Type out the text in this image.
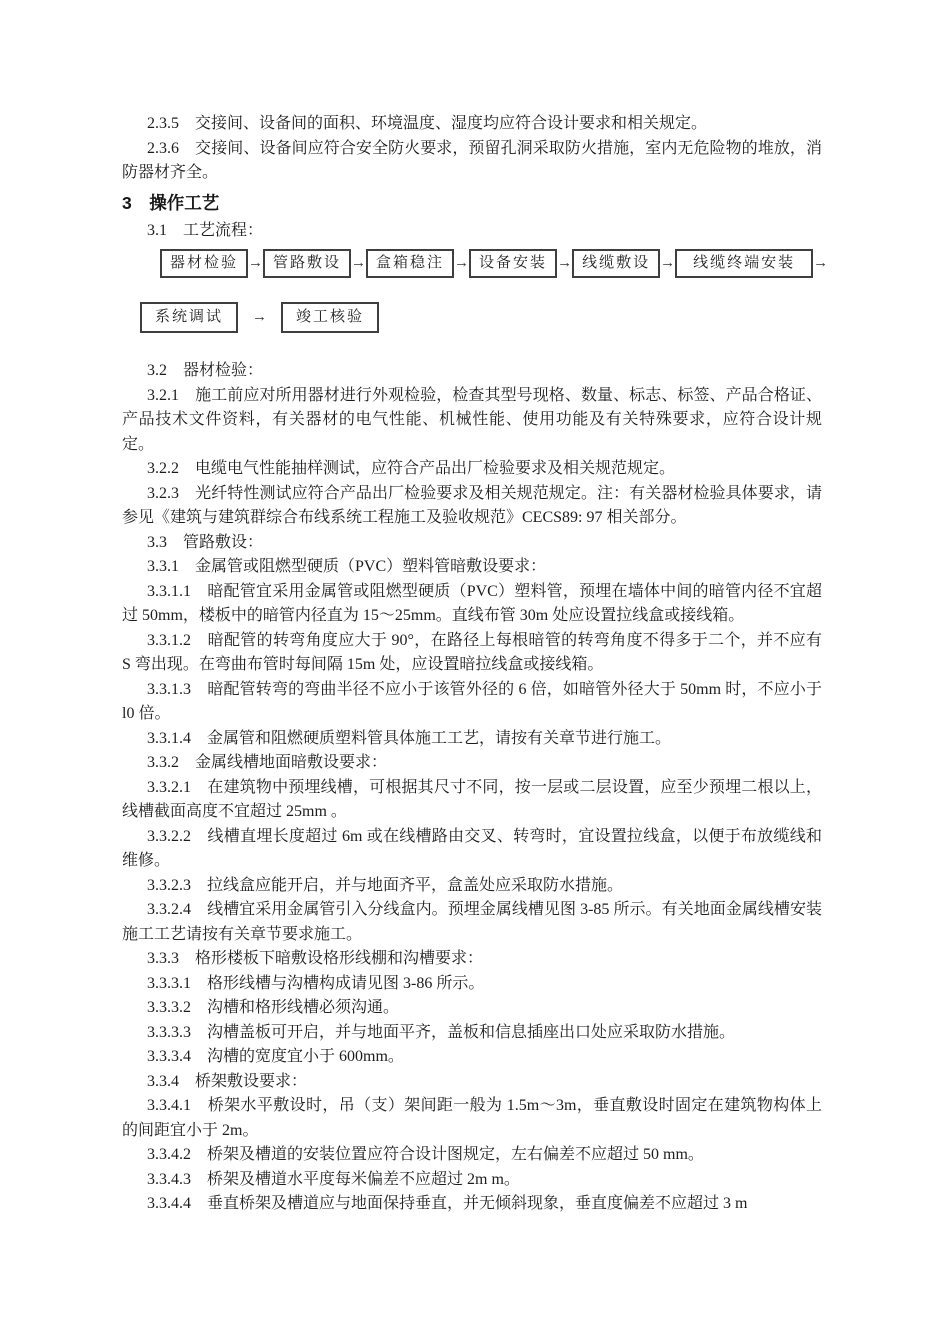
2.3.5　交接间、设备间的面积、环境温度、湿度均应符合设计要求和相关规定。

2.3.6　交接间、设备间应符合安全防火要求，预留孔洞采取防火措施，室内无危险物的堆放，消防器材齐全。

3　操作工艺

3.1　工艺流程：

器材检验 → 管路敷设 → 盒箱稳注 → 设备安装 → 线缆敷设 →	线缆终端安装	→
系统调试	→	竣工核验

3.2　器材检验：

3.2.1　施工前应对所用器材进行外观检验，检查其型号现格、数量、标志、标签、产品合格证、产品技术文件资料，有关器材的电气性能、机械性能、使用功能及有关特殊要求，应符合设计规定。

3.2.2　电缆电气性能抽样测试，应符合产品出厂检验要求及相关规范规定。

3.2.3　光纤特性测试应符合产品出厂检验要求及相关规范规定。注：有关器材检验具体要求，请参见《建筑与建筑群综合布线系统工程施工及验收规范》CECS89: 97 相关部分。

3.3　管路敷设：

3.3.1　金属管或阻燃型硬质（PVC）塑料管暗敷设要求：

3.3.1.1　暗配管宜采用金属管或阻燃型硬质（PVC）塑料管，预埋在墙体中间的暗管内径不宜超过 50mm，楼板中的暗管内径直为 15～25mm。直线布管 30m 处应设置拉线盒或接线箱。

3.3.1.2　暗配管的转弯角度应大于 90°，在路径上每根暗管的转弯角度不得多于二个，并不应有 S 弯出现。在弯曲布管时每间隔 15m 处，应设置暗拉线盒或接线箱。

3.3.1.3　暗配管转弯的弯曲半径不应小于该管外径的 6 倍，如暗管外径大于 50mm 时，不应小于 l0 倍。

3.3.1.4　金属管和阻燃硬质塑料管具体施工工艺，请按有关章节进行施工。

3.3.2　金属线槽地面暗敷设要求：

3.3.2.1　在建筑物中预埋线槽，可根据其尺寸不同，按一层或二层设置，应至少预埋二根以上，线槽截面高度不宜超过 25mm 。

3.3.2.2　线槽直埋长度超过 6m 或在线槽路由交叉、转弯时，宜设置拉线盒，以便于布放缆线和维修。

3.3.2.3　拉线盒应能开启，并与地面齐平，盒盖处应采取防水措施。

3.3.2.4　线槽宜采用金属管引入分线盒内。预埋金属线槽见图 3-85 所示。有关地面金属线槽安装施工工艺请按有关章节要求施工。

3.3.3　格形楼板下暗敷设格形线棚和沟槽要求：

3.3.3.1　格形线槽与沟槽构成请见图 3-86 所示。

3.3.3.2　沟槽和格形线槽必须沟通。

3.3.3.3　沟槽盖板可开启，并与地面平齐，盖板和信息插座出口处应采取防水措施。

3.3.3.4　沟槽的宽度宜小于 600mm。

3.3.4　桥架敷设要求：

3.3.4.1　桥架水平敷设时，吊（支）架间距一般为 1.5m～3m，垂直敷设时固定在建筑物构体上的间距宜小于 2m。

3.3.4.2　桥架及槽道的安装位置应符合设计图规定，左右偏差不应超过 50 mm。

3.3.4.3　桥架及槽道水平度每米偏差不应超过 2m m。

3.3.4.4　垂直桥架及槽道应与地面保持垂直，并无倾斜现象，垂直度偏差不应超过 3 m
